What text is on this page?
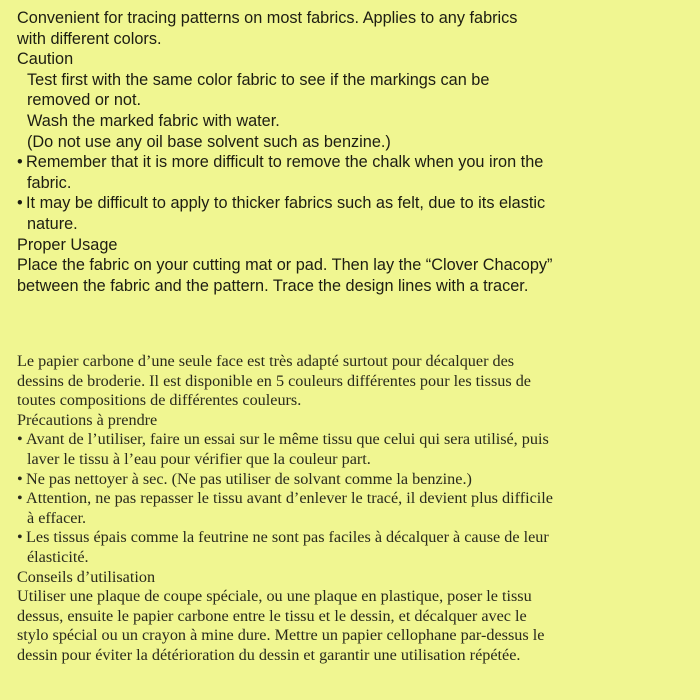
Convenient for tracing patterns on most fabrics. Applies to any fabrics
with different colors.
Caution
Test first with the same color fabric to see if the markings can be
removed or not.
Wash the marked fabric with water.
(Do not use any oil base solvent such as benzine.)
• Remember that it is more difficult to remove the chalk when you iron the
fabric.
• It may be difficult to apply to thicker fabrics such as felt, due to its elastic
nature.
Proper Usage
Place the fabric on your cutting mat or pad. Then lay the “Clover Chacopy”
between the fabric and the pattern. Trace the design lines with a tracer.
Le papier carbone d’une seule face est très adapté surtout pour décalquer des
dessins de broderie. Il est disponible en 5 couleurs différentes pour les tissus de
toutes compositions de différentes couleurs.
Précautions à prendre
• Avant de l’utiliser, faire un essai sur le même tissu que celui qui sera utilisé, puis
laver le tissu à l’eau pour vérifier que la couleur part.
• Ne pas nettoyer à sec. (Ne pas utiliser de solvant comme la benzine.)
• Attention, ne pas repasser le tissu avant d’enlever le tracé, il devient plus difficile
à effacer.
• Les tissus épais comme la feutrine ne sont pas faciles à décalquer à cause de leur
élasticité.
Conseils d’utilisation
Utiliser une plaque de coupe spéciale, ou une plaque en plastique, poser le tissu
dessus, ensuite le papier carbone entre le tissu et le dessin, et décalquer avec le
stylo spécial ou un crayon à mine dure. Mettre un papier cellophane par-dessus le
dessin pour éviter la détérioration du dessin et garantir une utilisation répétée.
